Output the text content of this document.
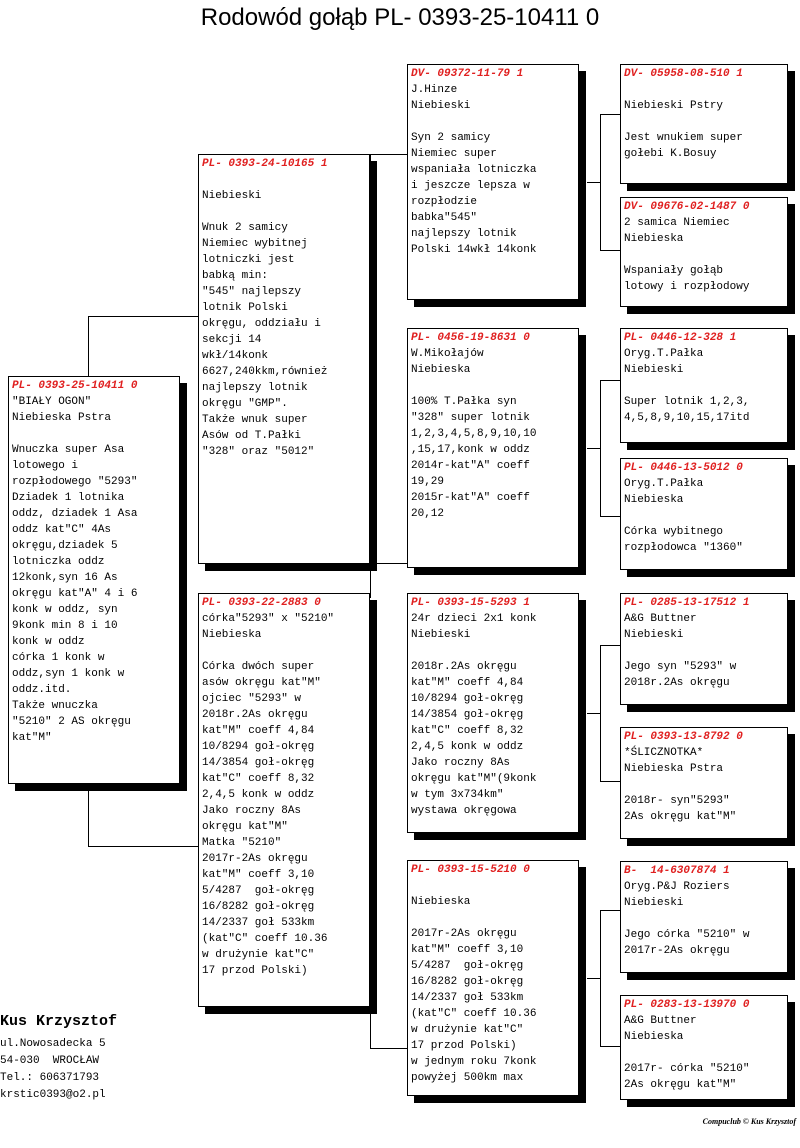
Rodowód gołąb PL- 0393-25-10411 0
PL- 0393-25-10411 0
"BIAŁY OGON"
Niebieska Pstra
Wnuczka super Asa
lotowego i
rozpłodowego "5293"
Dziadek 1 lotnika
oddz, dziadek 1 Asa
oddz kat"C" 4As
okręgu,dziadek 5
lotniczka oddz
12konk,syn 16 As
okręgu kat"A" 4 i 6
konk w oddz, syn
9konk min 8 i 10
konk w oddz
córka 1 konk w
oddz,syn 1 konk w
oddz.itd.
Także wnuczka
"5210" 2 AS okręgu
kat"M"
PL- 0393-24-10165 1
Niebieski
Wnuk 2 samicy
Niemiec wybitnej
lotniczki jest
babką min:
"545" najlepszy
lotnik Polski
okręgu, oddziału i
sekcji 14
wkł/14konk
6627,240kkm,również
najlepszy lotnik
okręgu "GMP".
Także wnuk super
Asów od T.Pałki
"328" oraz "5012"
PL- 0393-22-2883 0
córka"5293" x "5210"
Niebieska
Córka dwóch super
asów okręgu kat"M"
ojciec "5293" w
2018r.2As okręgu
kat"M" coeff 4,84
10/8294 goł-okręg
14/3854 goł-okręg
kat"C" coeff 8,32
2,4,5 konk w oddz
Jako roczny 8As
okręgu kat"M"
Matka "5210"
2017r-2As okręgu
kat"M" coeff 3,10
5/4287  goł-okręg
16/8282 goł-okręg
14/2337 goł 533km
(kat"C" coeff 10.36
w drużynie kat"C"
17 przod Polski)
DV- 09372-11-79 1
J.Hinze
Niebieski
Syn 2 samicy
Niemiec super
wspaniała lotniczka
i jeszcze lepsza w
rozpłodzie
babka"545"
najlepszy lotnik
Polski 14wkł 14konk
PL- 0456-19-8631 0
W.Mikołajów
Niebieska
100% T.Pałka syn
"328" super lotnik
1,2,3,4,5,8,9,10,10
,15,17,konk w oddz
2014r-kat"A" coeff
19,29
2015r-kat"A" coeff
20,12
PL- 0393-15-5293 1
24r dzieci 2x1 konk
Niebieski
2018r.2As okręgu
kat"M" coeff 4,84
10/8294 goł-okręg
14/3854 goł-okręg
kat"C" coeff 8,32
2,4,5 konk w oddz
Jako roczny 8As
okręgu kat"M"(9konk
w tym 3x734km"
wystawa okręgowa
PL- 0393-15-5210 0
Niebieska
2017r-2As okręgu
kat"M" coeff 3,10
5/4287  goł-okręg
16/8282 goł-okręg
14/2337 goł 533km
(kat"C" coeff 10.36
w drużynie kat"C"
17 przod Polski)
w jednym roku 7konk
powyżej 500km max
DV- 05958-08-510 1
Niebieski Pstry
Jest wnukiem super
gołebi K.Bosuy
DV- 09676-02-1487 0
2 samica Niemiec
Niebieska
Wspaniały gołąb
lotowy i rozpłodowy
PL- 0446-12-328 1
Oryg.T.Pałka
Niebieski
Super lotnik 1,2,3,
4,5,8,9,10,15,17itd
PL- 0446-13-5012 0
Oryg.T.Pałka
Niebieska
Córka wybitnego
rozpłodowca "1360"
PL- 0285-13-17512 1
A&G Buttner
Niebieski
Jego syn "5293" w
2018r.2As okręgu
PL- 0393-13-8792 0
*ŚLICZNOTKA*
Niebieska Pstra
2018r- syn"5293"
2As okręgu kat"M"
B-  14-6307874 1
Oryg.P&J Roziers
Niebieski
Jego córka "5210" w
2017r-2As okręgu
PL- 0283-13-13970 0
A&G Buttner
Niebieska
2017r- córka "5210"
2As okręgu kat"M"
Kus Krzysztof
ul.Nowosadecka 5
54-030  WROCŁAW
Tel.: 606371793
krstic0393@o2.pl
Compuclub © Kus Krzysztof
